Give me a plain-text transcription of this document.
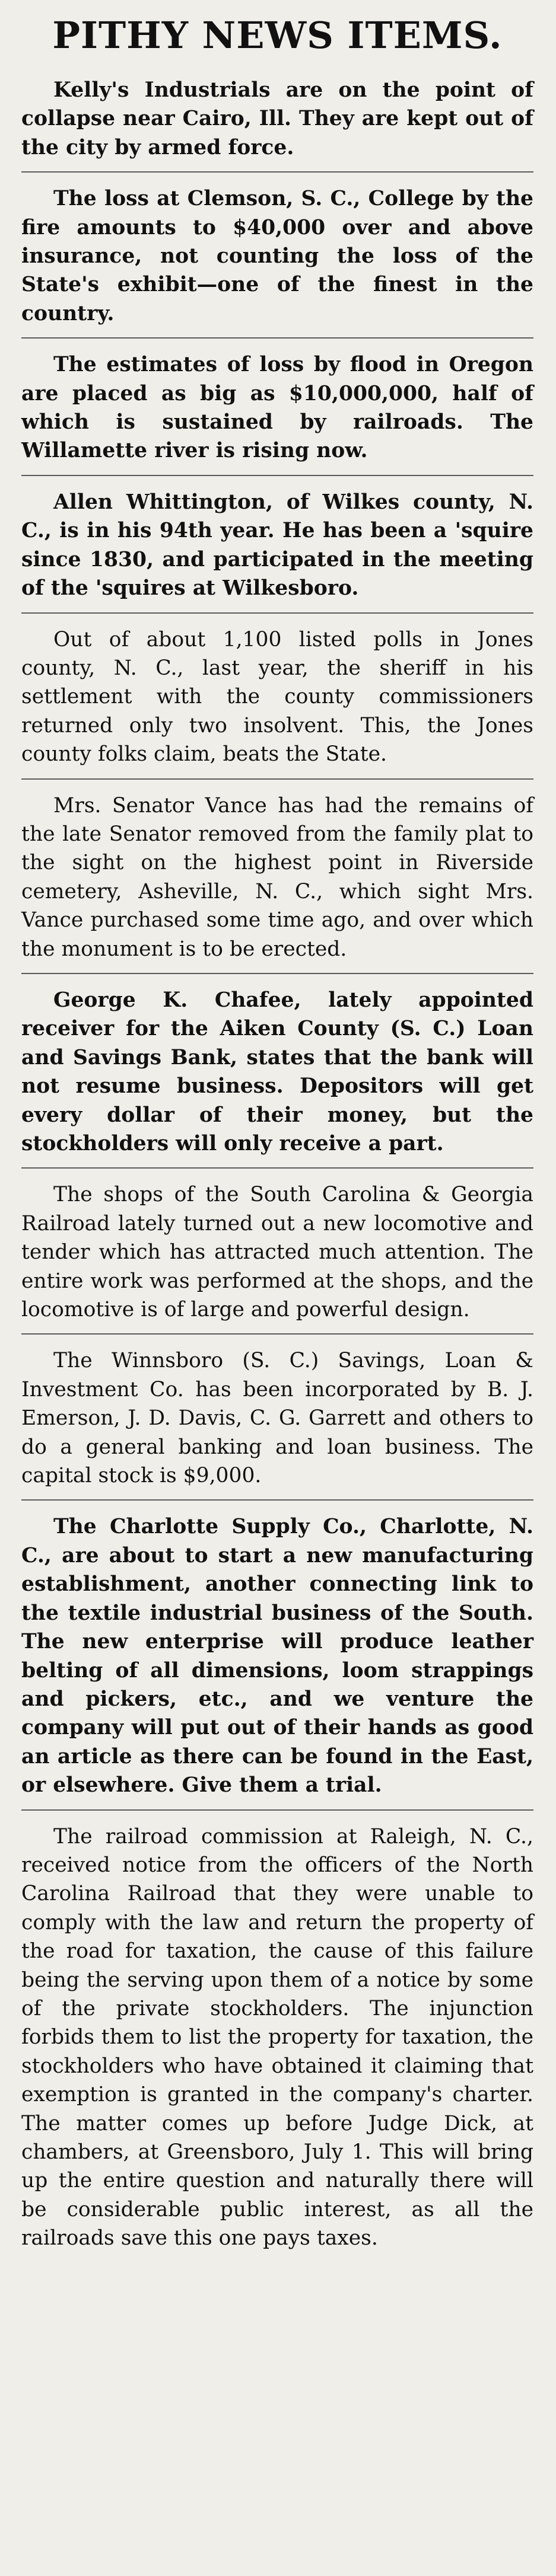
PITHY NEWS ITEMS.

Kelly's Industrials are on the point of collapse near Cairo, Ill. They are kept out of the city by armed force.

The loss at Clemson, S. C., College by the fire amounts to $40,000 over and above insurance, not counting the loss of the State's exhibit—one of the finest in the country.

The estimates of loss by flood in Oregon are placed as big as $10,000,000, half of which is sustained by railroads. The Willamette river is rising now.

Allen Whittington, of Wilkes county, N. C., is in his 94th year. He has been a 'squire since 1830, and participated in the meeting of the 'squires at Wilkesboro.

Out of about 1,100 listed polls in Jones county, N. C., last year, the sheriff in his settlement with the county commissioners returned only two insolvent. This, the Jones county folks claim, beats the State.

Mrs. Senator Vance has had the remains of the late Senator removed from the family plat to the sight on the highest point in Riverside cemetery, Asheville, N. C., which sight Mrs. Vance purchased some time ago, and over which the monument is to be erected.

George K. Chafee, lately appointed receiver for the Aiken County (S. C.) Loan and Savings Bank, states that the bank will not resume business. Depositors will get every dollar of their money, but the stockholders will only receive a part.

The shops of the South Carolina & Georgia Railroad lately turned out a new locomotive and tender which has attracted much attention. The entire work was performed at the shops, and the locomotive is of large and powerful design.

The Winnsboro (S. C.) Savings, Loan & Investment Co. has been incorporated by B. J. Emerson, J. D. Davis, C. G. Garrett and others to do a general banking and loan business. The capital stock is $9,000.

The Charlotte Supply Co., Charlotte, N. C., are about to start a new manufacturing establishment, another connecting link to the textile industrial business of the South. The new enterprise will produce leather belting of all dimensions, loom strappings and pickers, etc., and we venture the company will put out of their hands as good an article as there can be found in the East, or elsewhere. Give them a trial.

The railroad commission at Raleigh, N. C., received notice from the officers of the North Carolina Railroad that they were unable to comply with the law and return the property of the road for taxation, the cause of this failure being the serving upon them of a notice by some of the private stockholders. The injunction forbids them to list the property for taxation, the stockholders who have obtained it claiming that exemption is granted in the company's charter. The matter comes up before Judge Dick, at chambers, at Greensboro, July 1. This will bring up the entire question and naturally there will be considerable public interest, as all the railroads save this one pays taxes.
